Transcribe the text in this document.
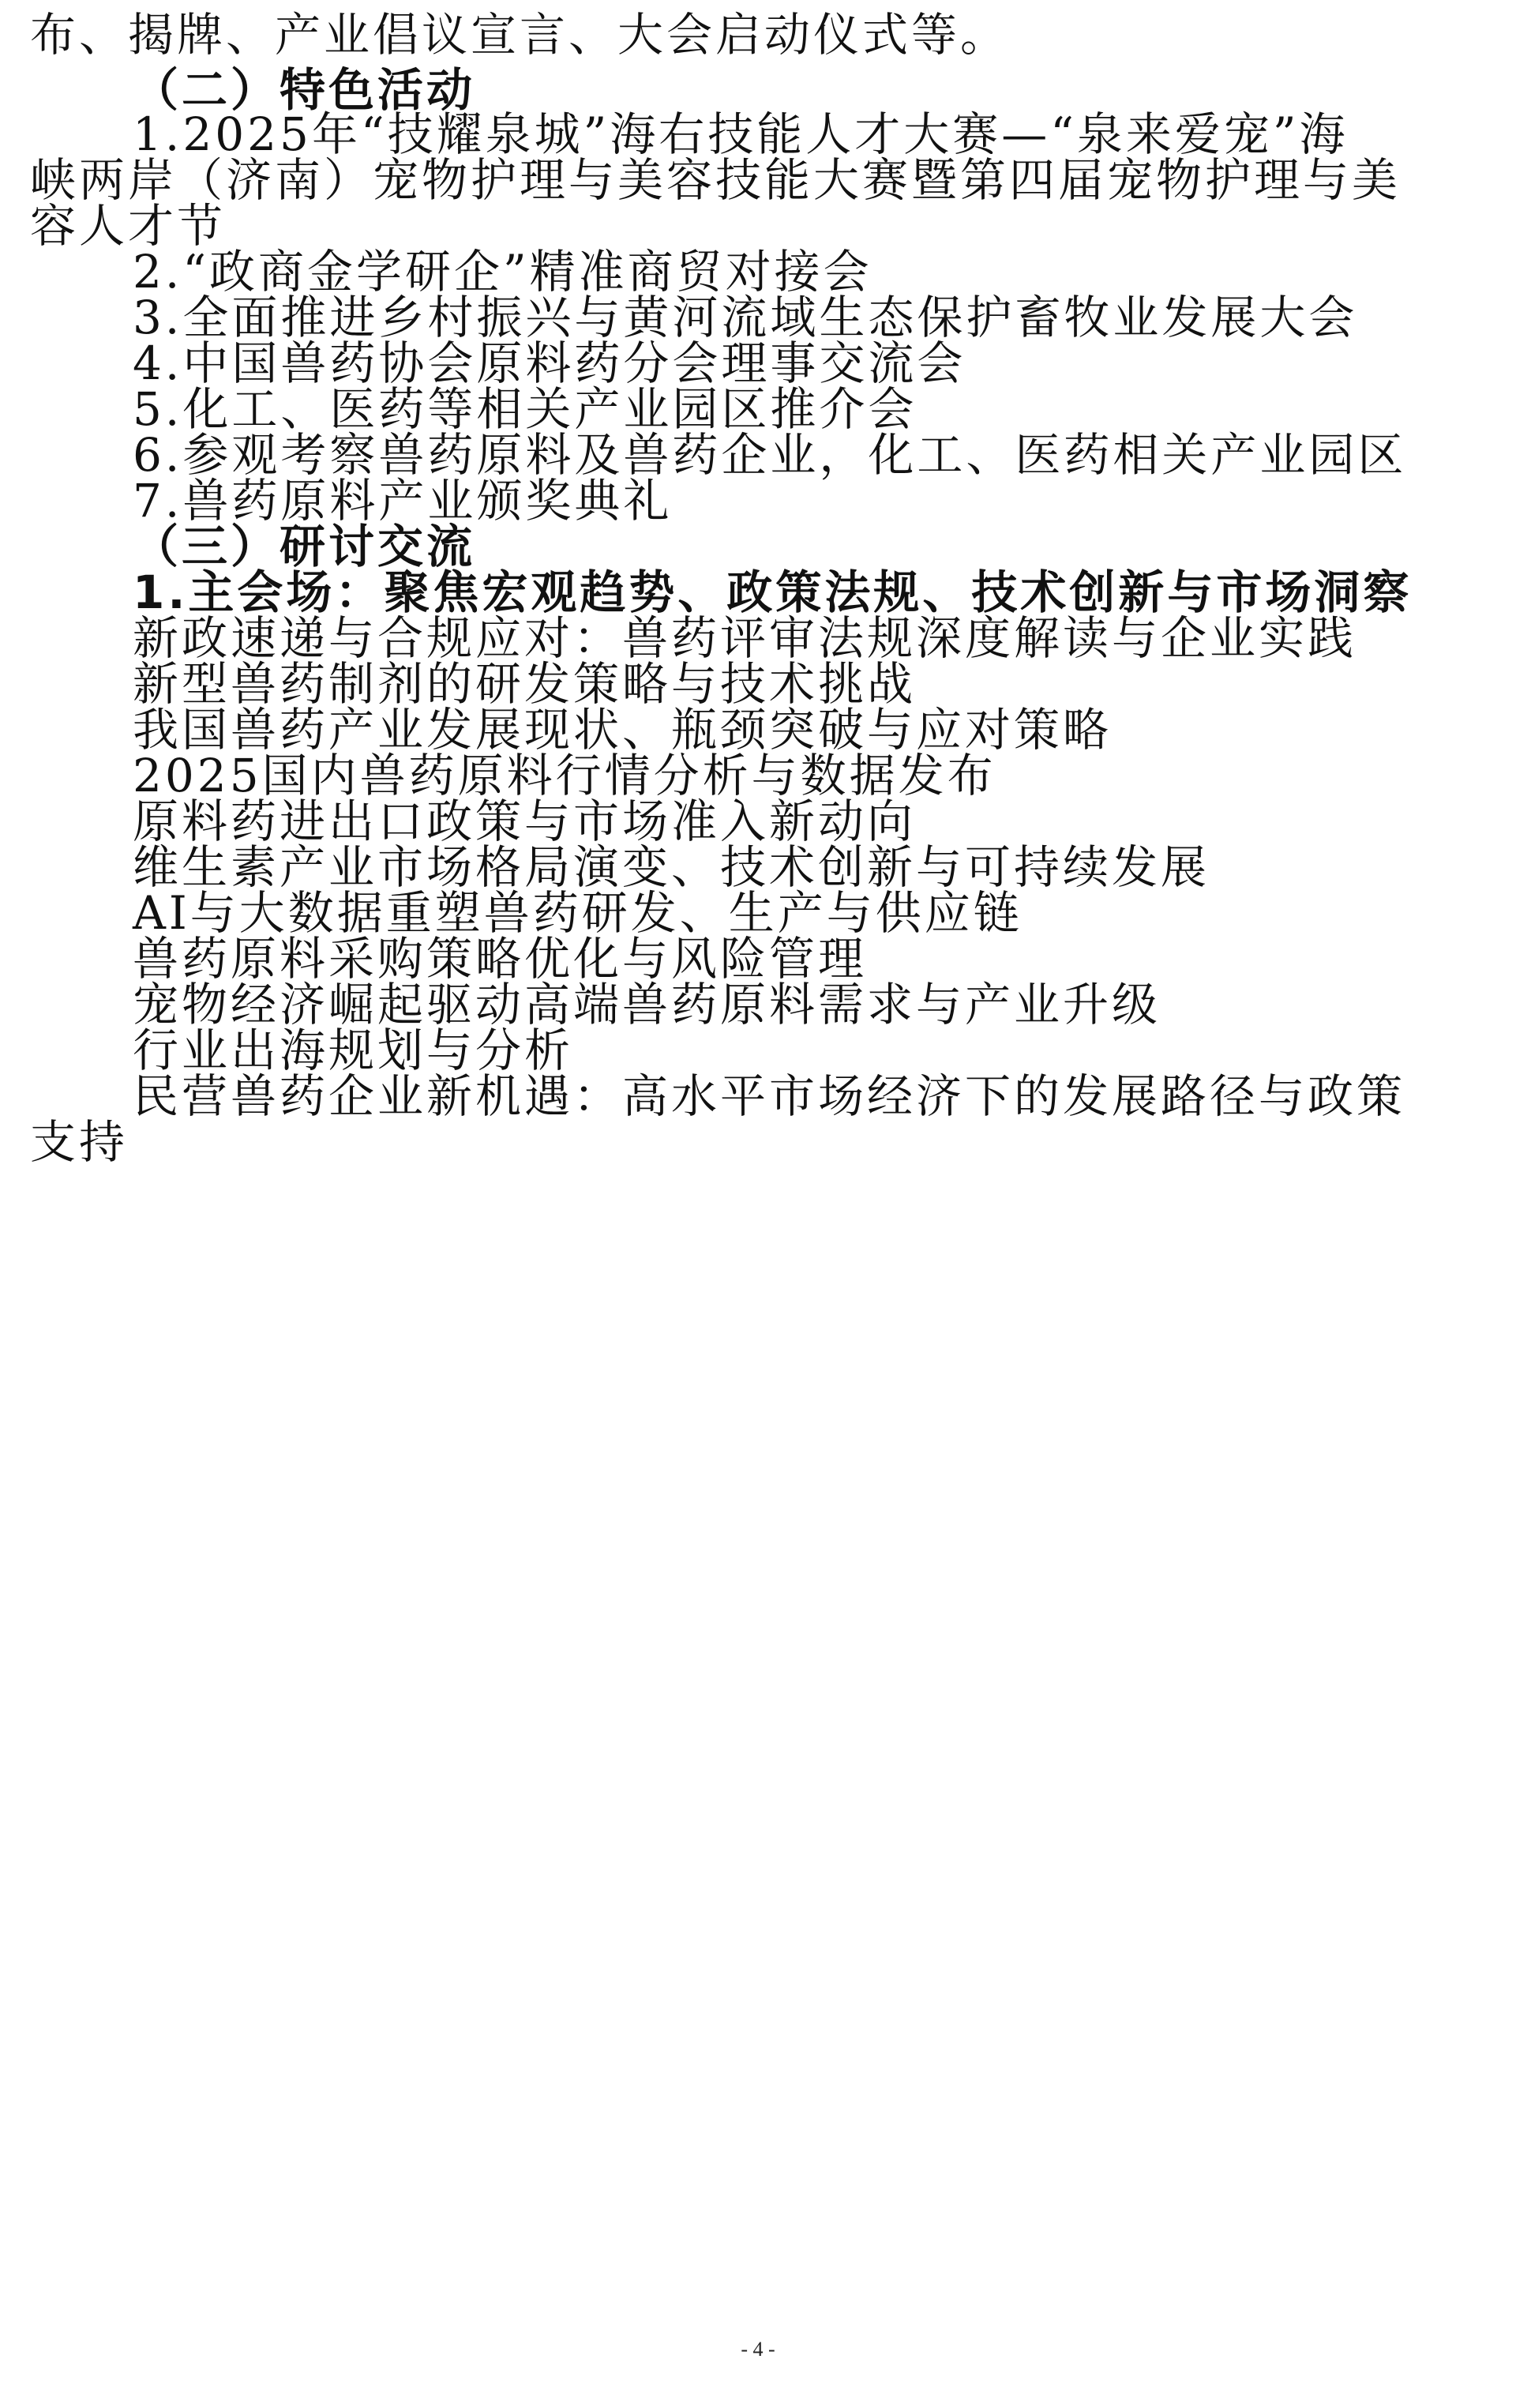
布、揭牌、产业倡议宣言、大会启动仪式等。
（二）特色活动
1.2025年“技耀泉城”海右技能人才大赛—“泉来爱宠”海
峡两岸（济南）宠物护理与美容技能大赛暨第四届宠物护理与美
容人才节
2.“政商金学研企”精准商贸对接会
3.全面推进乡村振兴与黄河流域生态保护畜牧业发展大会
4.中国兽药协会原料药分会理事交流会
5.化工、医药等相关产业园区推介会
6.参观考察兽药原料及兽药企业，化工、医药相关产业园区
7.兽药原料产业颁奖典礼
（三）研讨交流
1.主会场：聚焦宏观趋势、政策法规、技术创新与市场洞察
新政速递与合规应对：兽药评审法规深度解读与企业实践
新型兽药制剂的研发策略与技术挑战
我国兽药产业发展现状、瓶颈突破与应对策略
2025国内兽药原料行情分析与数据发布
原料药进出口政策与市场准入新动向
维生素产业市场格局演变、技术创新与可持续发展
AI与大数据重塑兽药研发、生产与供应链
兽药原料采购策略优化与风险管理
宠物经济崛起驱动高端兽药原料需求与产业升级
行业出海规划与分析
民营兽药企业新机遇：高水平市场经济下的发展路径与政策
支持
- 4 -
